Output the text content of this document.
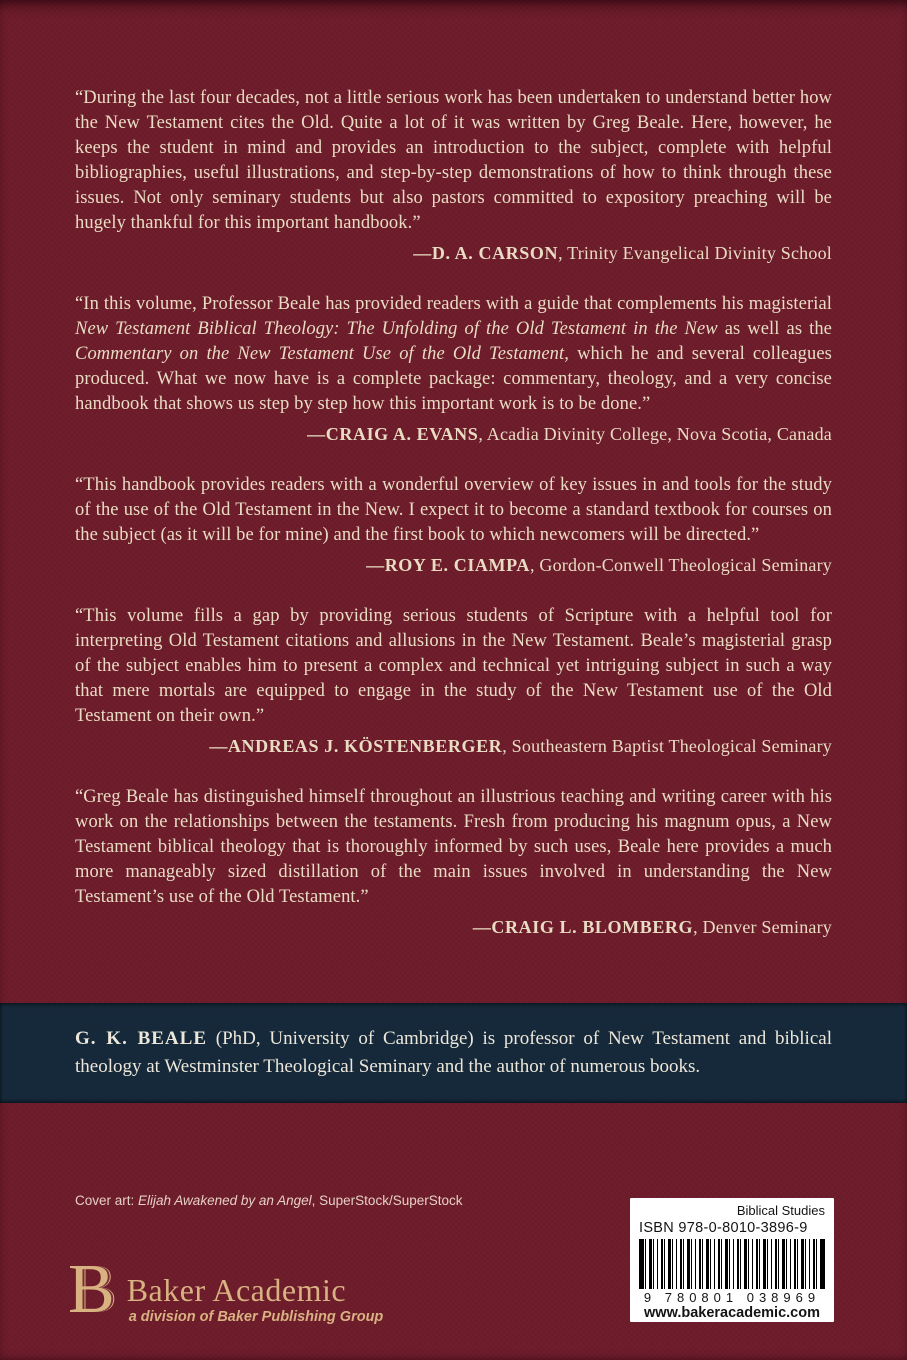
“During the last four decades, not a little serious work has been undertaken to understand better how the New Testament cites the Old. Quite a lot of it was written by Greg Beale. Here, however, he keeps the student in mind and provides an introduction to the subject, complete with helpful bibliographies, useful illustrations, and step-by-step demonstrations of how to think through these issues. Not only seminary students but also pastors committed to expository preaching will be hugely thankful for this important handbook.”

—D. A. CARSON, Trinity Evangelical Divinity School

“In this volume, Professor Beale has provided readers with a guide that complements his magisterial New Testament Biblical Theology: The Unfolding of the Old Testament in the New as well as the Commentary on the New Testament Use of the Old Testament, which he and several colleagues produced. What we now have is a complete package: commentary, theology, and a very concise handbook that shows us step by step how this important work is to be done.”

—CRAIG A. EVANS, Acadia Divinity College, Nova Scotia, Canada

“This handbook provides readers with a wonderful overview of key issues in and tools for the study of the use of the Old Testament in the New. I expect it to become a standard textbook for courses on the subject (as it will be for mine) and the first book to which newcomers will be directed.”

—ROY E. CIAMPA, Gordon-Conwell Theological Seminary

“This volume fills a gap by providing serious students of Scripture with a helpful tool for interpreting Old Testament citations and allusions in the New Testament. Beale’s magisterial grasp of the subject enables him to present a complex and technical yet intriguing subject in such a way that mere mortals are equipped to engage in the study of the New Testament use of the Old Testament on their own.”

—ANDREAS J. KÖSTENBERGER, Southeastern Baptist Theological Seminary

“Greg Beale has distinguished himself throughout an illustrious teaching and writing career with his work on the relationships between the testaments. Fresh from producing his magnum opus, a New Testament biblical theology that is thoroughly informed by such uses, Beale here provides a much more manageably sized distillation of the main issues involved in understanding the New Testament’s use of the Old Testament.”

—CRAIG L. BLOMBERG, Denver Seminary

G. K. BEALE (PhD, University of Cambridge) is professor of New Testament and biblical theology at Westminster Theological Seminary and the author of numerous books.

Cover art: Elijah Awakened by an Angel, SuperStock/SuperStock

B Baker Academic
a division of Baker Publishing Group
Biblical Studies
ISBN 978-0-8010-3896-9
9 780801 038969
www.bakeracademic.com
